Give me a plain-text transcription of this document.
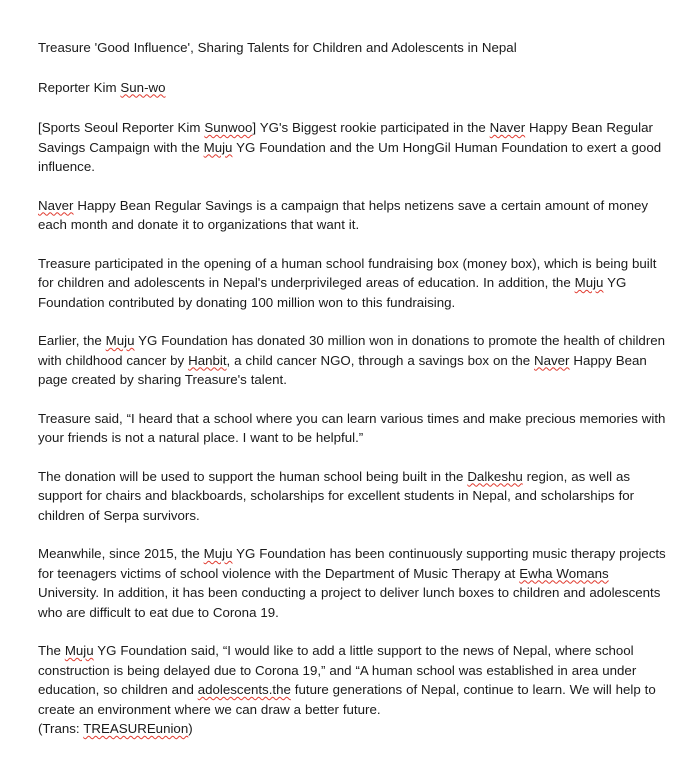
Treasure 'Good Influence', Sharing Talents for Children and Adolescents in Nepal

Reporter Kim Sun-wo

[Sports Seoul Reporter Kim Sunwoo] YG's Biggest rookie participated in the Naver Happy Bean Regular Savings Campaign with the Muju YG Foundation and the Um HongGil Human Foundation to exert a good influence.

Naver Happy Bean Regular Savings is a campaign that helps netizens save a certain amount of money each month and donate it to organizations that want it.

Treasure participated in the opening of a human school fundraising box (money box), which is being built for children and adolescents in Nepal's underprivileged areas of education. In addition, the Muju YG Foundation contributed by donating 100 million won to this fundraising.

Earlier, the Muju YG Foundation has donated 30 million won in donations to promote the health of children with childhood cancer by Hanbit, a child cancer NGO, through a savings box on the Naver Happy Bean page created by sharing Treasure's talent.

Treasure said, “I heard that a school where you can learn various times and make precious memories with your friends is not a natural place. I want to be helpful.”

The donation will be used to support the human school being built in the Dalkeshu region, as well as support for chairs and blackboards, scholarships for excellent students in Nepal, and scholarships for children of Serpa survivors.

Meanwhile, since 2015, the Muju YG Foundation has been continuously supporting music therapy projects for teenagers victims of school violence with the Department of Music Therapy at Ewha Womans University. In addition, it has been conducting a project to deliver lunch boxes to children and adolescents who are difficult to eat due to Corona 19.

The Muju YG Foundation said, “I would like to add a little support to the news of Nepal, where school construction is being delayed due to Corona 19,” and “A human school was established in area under education, so children and adolescents.the future generations of Nepal, continue to learn. We will help to create an environment where we can draw a better future.

(Trans: TREASUREunion)
